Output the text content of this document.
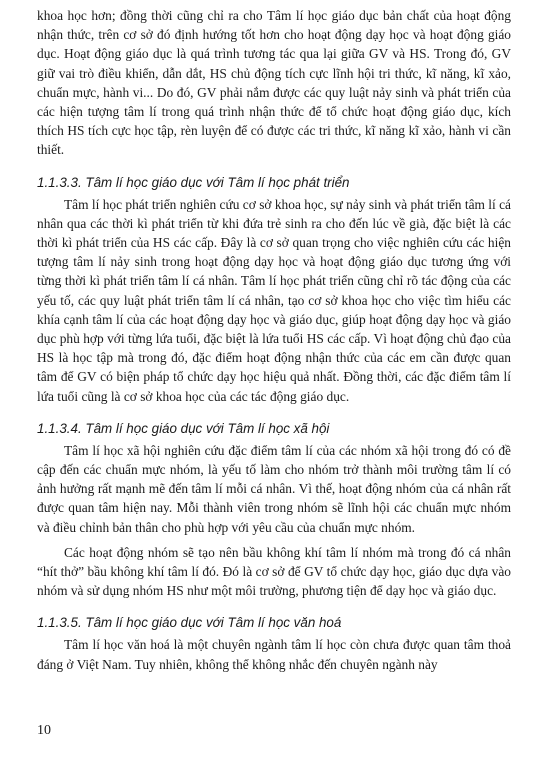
khoa học hơn; đồng thời cũng chỉ ra cho Tâm lí học giáo dục bản chất của hoạt động nhận thức, trên cơ sở đó định hướng tốt hơn cho hoạt động dạy học và hoạt động giáo dục. Hoạt động giáo dục là quá trình tương tác qua lại giữa GV và HS. Trong đó, GV giữ vai trò điều khiển, dẫn dắt, HS chủ động tích cực lĩnh hội tri thức, kĩ năng, kĩ xảo, chuẩn mực, hành vi... Do đó, GV phải nắm được các quy luật nảy sinh và phát triển của các hiện tượng tâm lí trong quá trình nhận thức để tổ chức hoạt động giáo dục, kích thích HS tích cực học tập, rèn luyện để có được các tri thức, kĩ năng kĩ xảo, hành vi cần thiết.

1.1.3.3. Tâm lí học giáo dục với Tâm lí học phát triển

Tâm lí học phát triển nghiên cứu cơ sở khoa học, sự nảy sinh và phát triển tâm lí cá nhân qua các thời kì phát triển từ khi đứa trẻ sinh ra cho đến lúc về già, đặc biệt là các thời kì phát triển của HS các cấp. Đây là cơ sở quan trọng cho việc nghiên cứu các hiện tượng tâm lí nảy sinh trong hoạt động dạy học và hoạt động giáo dục tương ứng với từng thời kì phát triển tâm lí cá nhân. Tâm lí học phát triển cũng chỉ rõ tác động của các yếu tố, các quy luật phát triển tâm lí cá nhân, tạo cơ sở khoa học cho việc tìm hiểu các khía cạnh tâm lí của các hoạt động dạy học và giáo dục, giúp hoạt động dạy học và giáo dục phù hợp với từng lứa tuổi, đặc biệt là lứa tuổi HS các cấp. Vì hoạt động chủ đạo của HS là học tập mà trong đó, đặc điểm hoạt động nhận thức của các em cần được quan tâm để GV có biện pháp tổ chức dạy học hiệu quả nhất. Đồng thời, các đặc điểm tâm lí lứa tuổi cũng là cơ sở khoa học của các tác động giáo dục.

1.1.3.4. Tâm lí học giáo dục với Tâm lí học xã hội

Tâm lí học xã hội nghiên cứu đặc điểm tâm lí của các nhóm xã hội trong đó có đề cập đến các chuẩn mực nhóm, là yếu tố làm cho nhóm trở thành môi trường tâm lí có ảnh hưởng rất mạnh mẽ đến tâm lí mỗi cá nhân. Vì thế, hoạt động nhóm của cá nhân rất được quan tâm hiện nay. Mỗi thành viên trong nhóm sẽ lĩnh hội các chuẩn mực nhóm và điều chỉnh bản thân cho phù hợp với yêu cầu của chuẩn mực nhóm.

Các hoạt động nhóm sẽ tạo nên bầu không khí tâm lí nhóm mà trong đó cá nhân “hít thở” bầu không khí tâm lí đó. Đó là cơ sở để GV tổ chức dạy học, giáo dục dựa vào nhóm và sử dụng nhóm HS như một môi trường, phương tiện để dạy học và giáo dục.

1.1.3.5. Tâm lí học giáo dục với Tâm lí học văn hoá

Tâm lí học văn hoá là một chuyên ngành tâm lí học còn chưa được quan tâm thoả đáng ở Việt Nam. Tuy nhiên, không thể không nhắc đến chuyên ngành này

10
